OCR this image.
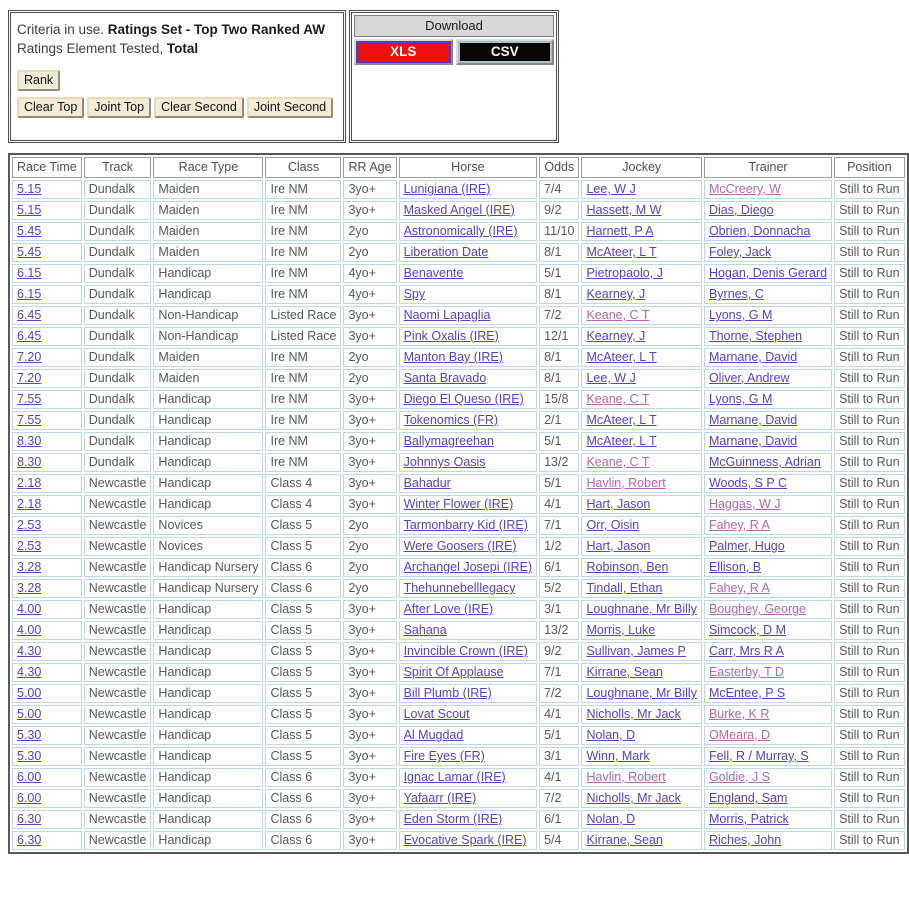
Criteria in use. Ratings Set - Top Two Ranked AW
Ratings Element Tested, Total
Rank
Clear Top	Joint Top	Clear Second	Joint Second
Download
XLS	CSV
Race Time	Track	Race Type	Class	RR Age	Horse	Odds	Jockey	Trainer	Position
5.15	Dundalk	Maiden	Ire NM	3yo+	Lunigiana (IRE)	7/4	Lee, W J	McCreery, W	Still to Run
5.15	Dundalk	Maiden	Ire NM	3yo+	Masked Angel (IRE)	9/2	Hassett, M W	Dias, Diego	Still to Run
5.45	Dundalk	Maiden	Ire NM	2yo	Astronomically (IRE)	11/10	Harnett, P A	Obrien, Donnacha	Still to Run
5.45	Dundalk	Maiden	Ire NM	2yo	Liberation Date	8/1	McAteer, L T	Foley, Jack	Still to Run
6.15	Dundalk	Handicap	Ire NM	4yo+	Benavente	5/1	Pietropaolo, J	Hogan, Denis Gerard	Still to Run
6.15	Dundalk	Handicap	Ire NM	4yo+	Spy	8/1	Kearney, J	Byrnes, C	Still to Run
6.45	Dundalk	Non-Handicap	Listed Race	3yo+	Naomi Lapaglia	7/2	Keane, C T	Lyons, G M	Still to Run
6.45	Dundalk	Non-Handicap	Listed Race	3yo+	Pink Oxalis (IRE)	12/1	Kearney, J	Thorne, Stephen	Still to Run
7.20	Dundalk	Maiden	Ire NM	2yo	Manton Bay (IRE)	8/1	McAteer, L T	Marnane, David	Still to Run
7.20	Dundalk	Maiden	Ire NM	2yo	Santa Bravado	8/1	Lee, W J	Oliver, Andrew	Still to Run
7.55	Dundalk	Handicap	Ire NM	3yo+	Diego El Queso (IRE)	15/8	Keane, C T	Lyons, G M	Still to Run
7.55	Dundalk	Handicap	Ire NM	3yo+	Tokenomics (FR)	2/1	McAteer, L T	Marnane, David	Still to Run
8.30	Dundalk	Handicap	Ire NM	3yo+	Ballymagreehan	5/1	McAteer, L T	Marnane, David	Still to Run
8.30	Dundalk	Handicap	Ire NM	3yo+	Johnnys Oasis	13/2	Keane, C T	McGuinness, Adrian	Still to Run
2.18	Newcastle	Handicap	Class 4	3yo+	Bahadur	5/1	Havlin, Robert	Woods, S P C	Still to Run
2.18	Newcastle	Handicap	Class 4	3yo+	Winter Flower (IRE)	4/1	Hart, Jason	Haggas, W J	Still to Run
2.53	Newcastle	Novices	Class 5	2yo	Tarmonbarry Kid (IRE)	7/1	Orr, Oisin	Fahey, R A	Still to Run
2.53	Newcastle	Novices	Class 5	2yo	Were Goosers (IRE)	1/2	Hart, Jason	Palmer, Hugo	Still to Run
3.28	Newcastle	Handicap Nursery	Class 6	2yo	Archangel Josepi (IRE)	6/1	Robinson, Ben	Ellison, B	Still to Run
3.28	Newcastle	Handicap Nursery	Class 6	2yo	Thehunnebelllegacy	5/2	Tindall, Ethan	Fahey, R A	Still to Run
4.00	Newcastle	Handicap	Class 5	3yo+	After Love (IRE)	3/1	Loughnane, Mr Billy	Boughey, George	Still to Run
4.00	Newcastle	Handicap	Class 5	3yo+	Sahana	13/2	Morris, Luke	Simcock, D M	Still to Run
4.30	Newcastle	Handicap	Class 5	3yo+	Invincible Crown (IRE)	9/2	Sullivan, James P	Carr, Mrs R A	Still to Run
4.30	Newcastle	Handicap	Class 5	3yo+	Spirit Of Applause	7/1	Kirrane, Sean	Easterby, T D	Still to Run
5.00	Newcastle	Handicap	Class 5	3yo+	Bill Plumb (IRE)	7/2	Loughnane, Mr Billy	McEntee, P S	Still to Run
5.00	Newcastle	Handicap	Class 5	3yo+	Lovat Scout	4/1	Nicholls, Mr Jack	Burke, K R	Still to Run
5.30	Newcastle	Handicap	Class 5	3yo+	Al Mugdad	5/1	Nolan, D	OMeara, D	Still to Run
5.30	Newcastle	Handicap	Class 5	3yo+	Fire Eyes (FR)	3/1	Winn, Mark	Fell, R / Murray, S	Still to Run
6.00	Newcastle	Handicap	Class 6	3yo+	Ignac Lamar (IRE)	4/1	Havlin, Robert	Goldie, J S	Still to Run
6.00	Newcastle	Handicap	Class 6	3yo+	Yafaarr (IRE)	7/2	Nicholls, Mr Jack	England, Sam	Still to Run
6.30	Newcastle	Handicap	Class 6	3yo+	Eden Storm (IRE)	6/1	Nolan, D	Morris, Patrick	Still to Run
6.30	Newcastle	Handicap	Class 6	3yo+	Evocative Spark (IRE)	5/4	Kirrane, Sean	Riches, John	Still to Run
